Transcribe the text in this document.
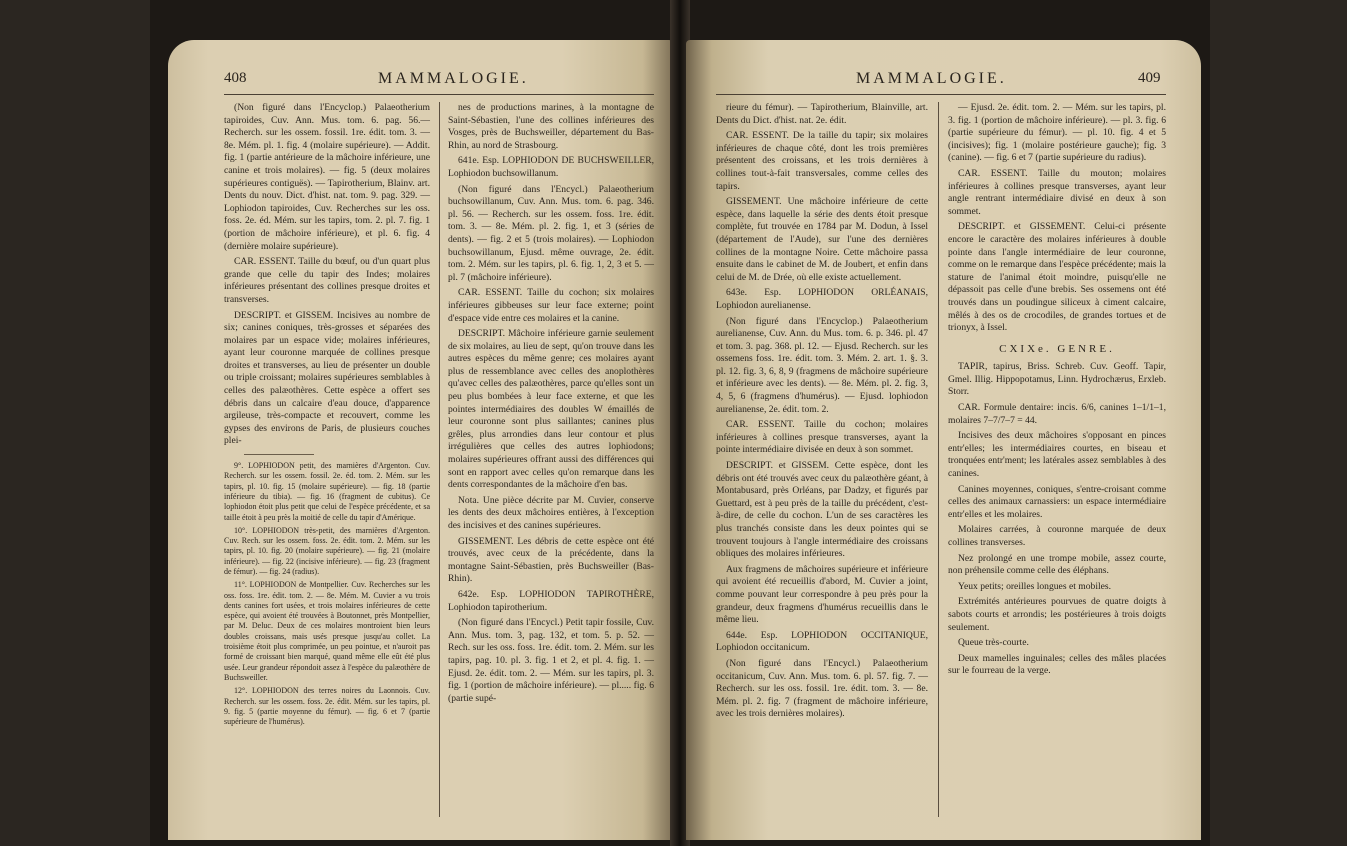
408	MAMMALOGIE.

(Non figuré dans l'Encyclop.) Palaeotherium tapiroides, Cuv. Ann. Mus. tom. 6. pag. 56.— Recherch. sur les ossem. fossil. 1re. édit. tom. 3. — 8e. Mém. pl. 1. fig. 4 (molaire supérieure). — Addit. fig. 1 (partie antérieure de la mâchoire inférieure, une canine et trois molaires). — fig. 5 (deux molaires supérieures contiguës). — Tapirotherium, Blainv. art. Dents du nouv. Dict. d'hist. nat. tom. 9. pag. 329. — Lophiodon tapiroides, Cuv. Recherches sur les oss. foss. 2e. éd. Mém. sur les tapirs, tom. 2. pl. 7. fig. 1 (portion de mâchoire inférieure), et pl. 6. fig. 4 (dernière molaire supérieure).

CAR. ESSENT. Taille du bœuf, ou d'un quart plus grande que celle du tapir des Indes; molaires inférieures présentant des collines presque droites et transverses.

DESCRIPT. et GISSEM. Incisives au nombre de six; canines coniques, très-grosses et séparées des molaires par un espace vide; molaires inférieures, ayant leur couronne marquée de collines presque droites et transverses, au lieu de présenter un double ou triple croissant; molaires supérieures semblables à celles des palæothères. Cette espèce a offert ses débris dans un calcaire d'eau douce, d'apparence argileuse, très-compacte et recouvert, comme les gypses des environs de Paris, de plusieurs couches plei-

9°. LOPHIODON petit, des marnières d'Argenton. Cuv. Recherch. sur les ossem. fossil. 2e. éd. tom. 2. Mém. sur les tapirs, pl. 10. fig. 15 (molaire supérieure). — fig. 18 (partie inférieure du tibia). — fig. 16 (fragment de cubitus). Ce lophiodon étoit plus petit que celui de l'espèce précédente, et sa taille étoit à peu près la moitié de celle du tapir d'Amérique.

10°. LOPHIODON très-petit, des marnières d'Argenton. Cuv. Rech. sur les ossem. foss. 2e. édit. tom. 2. Mém. sur les tapirs, pl. 10. fig. 20 (molaire supérieure). — fig. 21 (molaire inférieure). — fig. 22 (incisive inférieure). — fig. 23 (fragment de fémur). — fig. 24 (radius).

11°. LOPHIODON de Montpellier. Cuv. Recherches sur les oss. foss. 1re. édit. tom. 2. — 8e. Mém. M. Cuvier a vu trois dents canines fort usées, et trois molaires inférieures de cette espèce, qui avoient été trouvées à Boutonnet, près Montpellier, par M. Deluc. Deux de ces molaires montroient bien leurs doubles croissans, mais usés presque jusqu'au collet. La troisième étoit plus comprimée, un peu pointue, et n'auroit pas formé de croissant bien marqué, quand même elle eût été plus usée. Leur grandeur répondoit assez à l'espèce du palæothère de Buchsweiller.

12°. LOPHIODON des terres noires du Laonnois. Cuv. Recherch. sur les ossem. foss. 2e. édit. Mém. sur les tapirs, pl. 9. fig. 5 (partie moyenne du fémur). — fig. 6 et 7 (partie supérieure de l'humérus).

nes de productions marines, à la montagne de Saint-Sébastien, l'une des collines inférieures des Vosges, près de Buchsweiller, département du Bas-Rhin, au nord de Strasbourg.

641e. Esp. LOPHIODON DE BUCHSWEILLER, Lophiodon buchsowillanum.

(Non figuré dans l'Encycl.) Palaeotherium buchsowillanum, Cuv. Ann. Mus. tom. 6. pag. 346. pl. 56. — Recherch. sur les ossem. foss. 1re. édit. tom. 3. — 8e. Mém. pl. 2. fig. 1, et 3 (séries de dents). — fig. 2 et 5 (trois molaires). — Lophiodon buchsowillanum, Ejusd. même ouvrage, 2e. édit. tom. 2. Mém. sur les tapirs, pl. 6. fig. 1, 2, 3 et 5. — pl. 7 (mâchoire inférieure).

CAR. ESSENT. Taille du cochon; six molaires inférieures gibbeuses sur leur face externe; point d'espace vide entre ces molaires et la canine.

DESCRIPT. Mâchoire inférieure garnie seulement de six molaires, au lieu de sept, qu'on trouve dans les autres espèces du même genre; ces molaires ayant plus de ressemblance avec celles des anoplothères qu'avec celles des palæothères, parce qu'elles sont un peu plus bombées à leur face externe, et que les pointes intermédiaires des doubles W émaillés de leur couronne sont plus saillantes; canines plus grêles, plus arrondies dans leur contour et plus irrégulières que celles des autres lophiodons; molaires supérieures offrant aussi des différences qui sont en rapport avec celles qu'on remarque dans les dents correspondantes de la mâchoire d'en bas.

Nota. Une pièce décrite par M. Cuvier, conserve les dents des deux mâchoires entières, à l'exception des incisives et des canines supérieures.

GISSEMENT. Les débris de cette espèce ont été trouvés, avec ceux de la précédente, dans la montagne Saint-Sébastien, près Buchsweiller (Bas-Rhin).

642e. Esp. LOPHIODON TAPIROTHÈRE, Lophiodon tapirotherium.

(Non figuré dans l'Encycl.) Petit tapir fossile, Cuv. Ann. Mus. tom. 3, pag. 132, et tom. 5. p. 52. — Rech. sur les oss. foss. 1re. édit. tom. 2. Mém. sur les tapirs, pag. 10. pl. 3. fig. 1 et 2, et pl. 4. fig. 1. — Ejusd. 2e. édit. tom. 2. — Mém. sur les tapirs, pl. 3. fig. 1 (portion de mâchoire inférieure). — pl..... fig. 6 (partie supé-

MAMMALOGIE.	409

rieure du fémur). — Tapirotherium, Blainville, art. Dents du Dict. d'hist. nat. 2e. édit.

CAR. ESSENT. De la taille du tapir; six molaires inférieures de chaque côté, dont les trois premières présentent des croissans, et les trois dernières à collines tout-à-fait transversales, comme celles des tapirs.

GISSEMENT. Une mâchoire inférieure de cette espèce, dans laquelle la série des dents étoit presque complète, fut trouvée en 1784 par M. Dodun, à Issel (département de l'Aude), sur l'une des dernières collines de la montagne Noire. Cette mâchoire passa ensuite dans le cabinet de M. de Joubert, et enfin dans celui de M. de Drée, où elle existe actuellement.

643e. Esp. LOPHIODON ORLÉANAIS, Lophiodon aurelianense.

(Non figuré dans l'Encyclop.) Palaeotherium aurelianense, Cuv. Ann. du Mus. tom. 6. p. 346. pl. 47 et tom. 3. pag. 368. pl. 12. — Ejusd. Recherch. sur les ossemens foss. 1re. édit. tom. 3. Mém. 2. art. 1. §. 3. pl. 12. fig. 3, 6, 8, 9 (fragmens de mâchoire supérieure et inférieure avec les dents). — 8e. Mém. pl. 2. fig. 3, 4, 5, 6 (fragmens d'humérus). — Ejusd. lophiodon aurelianense, 2e. édit. tom. 2.

CAR. ESSENT. Taille du cochon; molaires inférieures à collines presque transverses, ayant la pointe intermédiaire divisée en deux à son sommet.

DESCRIPT. et GISSEM. Cette espèce, dont les débris ont été trouvés avec ceux du palæothère géant, à Montabusard, près Orléans, par Dadzy, et figurés par Guettard, est à peu près de la taille du précédent, c'est-à-dire, de celle du cochon. L'un de ses caractères les plus tranchés consiste dans les deux pointes qui se trouvent toujours à l'angle intermédiaire des croissans obliques des molaires inférieures.

Aux fragmens de mâchoires supérieure et inférieure qui avoient été recueillis d'abord, M. Cuvier a joint, comme pouvant leur correspondre à peu près pour la grandeur, deux fragmens d'humérus recueillis dans le même lieu.

644e. Esp. LOPHIODON OCCITANIQUE, Lophiodon occitanicum.

(Non figuré dans l'Encycl.) Palaeotherium occitanicum, Cuv. Ann. Mus. tom. 6. pl. 57. fig. 7. — Recherch. sur les oss. fossil. 1re. édit. tom. 3. — 8e. Mém. pl. 2. fig. 7 (fragment de mâchoire inférieure, avec les trois dernières molaires).

— Ejusd. 2e. édit. tom. 2. — Mém. sur les tapirs, pl. 3. fig. 1 (portion de mâchoire inférieure). — pl. 3. fig. 6 (partie supérieure du fémur). — pl. 10. fig. 4 et 5 (incisives); fig. 1 (molaire postérieure gauche); fig. 3 (canine). — fig. 6 et 7 (partie supérieure du radius).

CAR. ESSENT. Taille du mouton; molaires inférieures à collines presque transverses, ayant leur angle rentrant intermédiaire divisé en deux à son sommet.

DESCRIPT. et GISSEMENT. Celui-ci présente encore le caractère des molaires inférieures à double pointe dans l'angle intermédiaire de leur couronne, comme on le remarque dans l'espèce précédente; mais la stature de l'animal étoit moindre, puisqu'elle ne dépassoit pas celle d'une brebis. Ses ossemens ont été trouvés dans un poudingue siliceux à ciment calcaire, mêlés à des os de crocodiles, de grandes tortues et de trionyx, à Issel.

CXIXe. GENRE.

TAPIR, tapirus, Briss. Schreb. Cuv. Geoff. Tapir, Gmel. Illig. Hippopotamus, Linn. Hydrochærus, Erxleb. Storr.

CAR. Formule dentaire: incis. 6/6, canines 1–1/1–1, molaires 7–7/7–7 = 44.

Incisives des deux mâchoires s'opposant en pinces entr'elles; les intermédiaires courtes, en biseau et tronquées entr'ment; les latérales assez semblables à des canines.

Canines moyennes, coniques, s'entre-croisant comme celles des animaux carnassiers: un espace intermédiaire entr'elles et les molaires.

Molaires carrées, à couronne marquée de deux collines transverses.

Nez prolongé en une trompe mobile, assez courte, non préhensile comme celle des éléphans.

Yeux petits; oreilles longues et mobiles.

Extrémités antérieures pourvues de quatre doigts à sabots courts et arrondis; les postérieures à trois doigts seulement.

Queue très-courte.

Deux mamelles inguinales; celles des mâles placées sur le fourreau de la verge.
